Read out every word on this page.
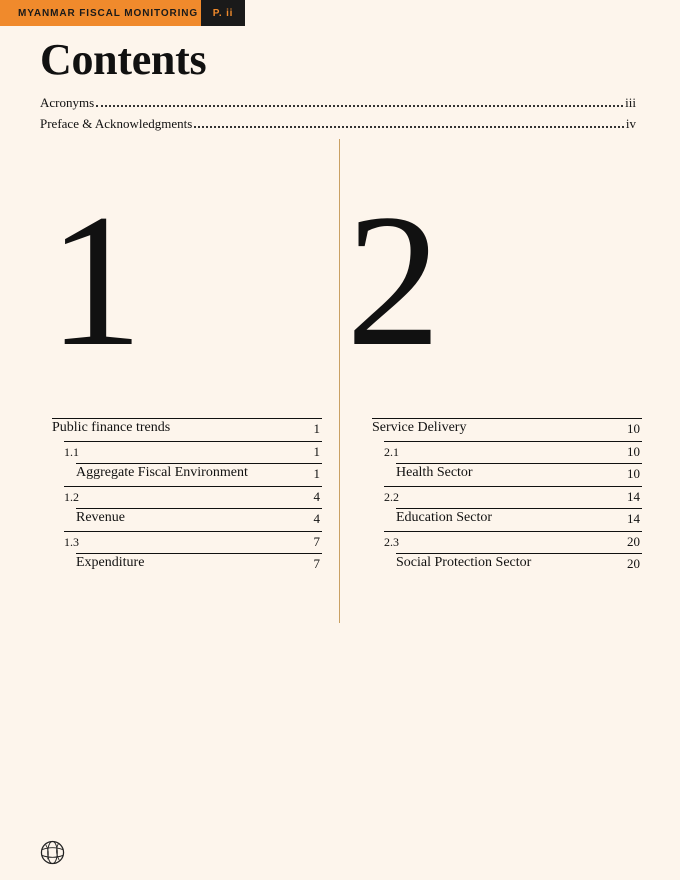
MYANMAR FISCAL MONITORING	P. ii
Contents
Acronyms	iii
Preface & Acknowledgments	iv
1 2
Public finance trends	1
1.1	1
Aggregate Fiscal Environment	1
1.2	4
Revenue	4
1.3	7
Expenditure	7
Service Delivery	10
2.1	10
Health Sector	10
2.2	14
Education Sector	14
2.3	20
Social Protection Sector	20
